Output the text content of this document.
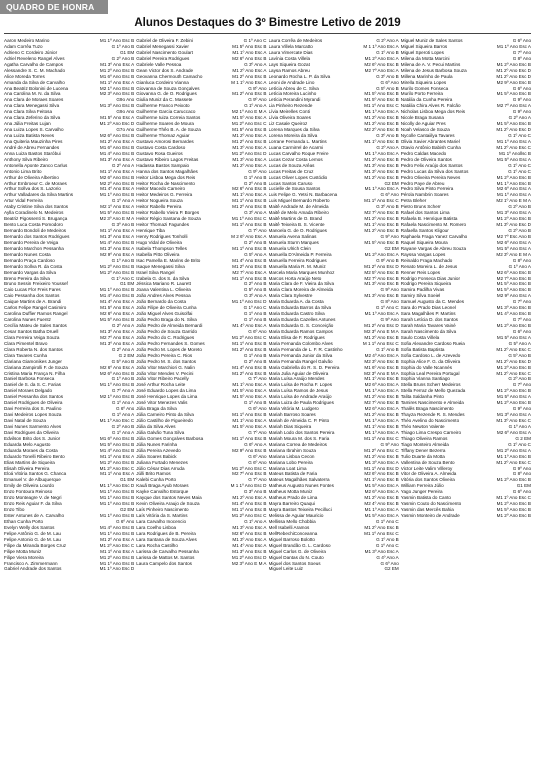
QUADRO DE HONRA
Alunos Destaques do 3º Bimestre Letivo de 2019
Aaron Medeiro Marino	M1 1º Ano Esc B
Adam Corrêa Tuzo	G 1º Ano B
Adrieno C Cordeiro Júnior	G1 EM
Adriel Reveleno Rangel Alves	G 2º Ano B
Agatha Carvalho de Campos	M1 3º Ano Esc A
Alessandre S. C. M. Machado	M1 2º Ano Esc B
Alice Moreda Torres	M1 6º Ano Esc B
Amanda da Silva de Carvalho	M1 1º Ano Esc A
Ana Beatriz Bolonini de Lucena	M2 1º Ano Esc B
Ana Carolina M. N. da Silva	M2 3º Ano Esc B
Ana Clara de Moraes Soares	G9o Ano
Ana Clara Menegassi Silva	M1 3º Ano Esc B
Ana Clara Silva Feitosa	G9o Ano
Ana Clara Zeferino da Silva	M1 5º Ano Esc A
Ana Júlia Freitas Lujan	M1 2º Ano Esc D
Ana Luiza Lopes S. Carvalho	G7o Ano
Ana Luiza Batista Neves	M2 6º Ano Esc B
Ana Quiteria Mauzinha Pires	M1 2º Ano Esc A
André de Abreu Fernandes	M1 6º Ano Esc B
Anna Luiza Bastos Staróbui	M1 4º Ano Esc B
Anthony Silva Ribeiro	M1 3º Ano Esc A
Antonella Aponte Zanco Carlus	G 2º Ano A
Antonio Lima Brito	M1 1º Ano Esc A
Arthur de Oliveira Albertino	M2 6º Ano Esc B
Arthur Embroeur C. de Moraes	M2 2º Ano Esc B
Arthur Sollva dos S. Lazorio	M1 4º Ano Esc A
Arthur Valladares da Silva Martins	M1 1º Ano Esc B
Artur Vidal Ferreira	G 1º Ano A
Ataby Cristine Silva dos Santos	M2 1º Ano Esc A
Aylla Coradinelo N. Medeiros	M1 5º Ano Esc B
Beatriz Pigossenti S. Brugança	M2 3º Ano E M A
Bento Luca Costa Pomodoro	G 3º Ano B
Bernardo Bondoli de Medeiros	M1 1º Ano Esc A
Bernardo dos Santos Rodrigues	M1 3º Ano Esc A
Bernardo Pereira de Veiga	M1 4º Ano Esc B
Bernardo Marchon Pessanha	M1 3º Ano Esc A
Bernardo Nunes Costa	M2 9º Ano Esc A
Bernardo Praça Cardoso	G 1º Ano B
Bernardo Sollva R. da Costa	M1 2º Ano Esc B
Bernardo Vargas da Silva	M1 2º Ano Esc B
Breno Pereira da Silva	G 1º Ano C
Bruno Sessin Freixeiro Youssef	G1 EM
Caio Lucas Flor Freis Fares	M1 1º Ano Esc B
Caio Pessanha dos Santos	M1 4º Ano Esc B
Caique Martins de A. Brandi	M1 4º Ano Esc A
Carlos Felipe Rangel Casimiro	M1 5º Ano Esc A
Carolina Duffier Ramos Rangel	M2 6º Ano Esc A
Carolina Nunes Fuentz	M1 5º Ano Esc B
Cecília Mateu de Sales Santos	G 2º Ano A
Cesar Santos Batha Druell	M1 3º Ano Esc A
Clara Ferreira Veiga Souza	M2 7º Ano Esc A
Clara Pimentel Bravo	M1 3º Ano Esc A
Clara Roberta N. dos Santos	G 2º Ano A
Clara Tavares Cunha	G 2 EM
Clariana Giamonikes Junger	G 5º Ano B
Clariana Zampirolli F. de Souza	M2 6º Ano Esc A
Cristina Maria França N. Filha	M2 6º Ano Esc B
Daniel Barbosa Fonseca	G 1º Ano B
Daniel de S. da S. C. Farias	M1 1º Ano Esc B
Daniel Moraes Delgado	G 7º Ano A
Daniel Pessanha dos Santos	M2 1º Ano Esc B
Daniel Rodrigues de Oliveira	G 1º Ano A
Davi Ferreira dos S. Paulino	G 6º Ano
Davi Medeiros Lopes Souza	G 1º Ano A
Davi Natal de Souza	M1 1º Ano Esc C
Davi Nunes Sarmento Alves	G 2º Ano B
Davi Rodrigues da Oliveira	G 1º Ano A
Edvilson Brito dos S. Junior	M1 6º Ano Esc B
Eduarda Melo Augusto	M1 5º Ano Esc B
Eduarda Moraes da Costa	M1 4º Ano Esc B
Eduardo Tonelli Ribeiro Bento	M1 1º Ano Esc A
Elias Martins de Siqueira	M1 2º Ano Esc B
Elisah Oliveira Pereira	M1 2º Ano Esc C
Eloá Vitória Santos G. Chanca	M1 1º Ano Esc A
Emanuel V. de Albuquerque	G1 EM
Emily de Oliveira Lourdo	M1 1º Ano Esc D
Enzo Fontoura Reinoso	M1 1º Ano Esc B
Enzo Monteagre V. de Negri	M1 1º Ano Esc B
Enzo Reis Aguiar F. da Silva	M1 1º Ano Esc B
Enzo Tibo	G2 EM
Ester Antunes de A. Carvalho	M1 1º Ano Esc B
Ethan Cunha Porto	G 6º Ano
Evelyn Welly dos Santos	M1 4º Ano Esc B
Felipe Antônio G. de M. Lau	M1 1º Ano Esc B
Felipe Antonio G. de M. Lau	M1 2º Ano Esc A
Filipe da Miranda Borges Cruz	M1 2º Ano Esc C
Filipe Motta Muniz	M1 1º Ano Esc A
Filipe Viera Moreira	M1 2º Ano Esc B
Francisco A. Zimmermann	M1 1º Ano Esc B
Gabriel Andrade dos Santos	M1 1º Ano Esc D
Gabriel de Oliveira F. Zebini	G 1º Ano C
Gabriel Menegassi Xavier	M1 5º Ano Esc B
Gabriel Nascimento Goulart	M1 1º Ano Esc A
Gabriel Pereira Rodrigues	M2 6º Ano Esc B
Gabriele Valle Pessoa	G 3º Ano A
Gean Victor dos S. Andrade	M1 2º Ano Esc A
Geovanna Chermouth Camacho	M1 2º Ano Esc B
Gianluca Cordeiro Vianna	M 1 1º Ano Esc A
Giovanna de Souza Gonçalves	G 8º Ano
Giovanna G. de O. Rodrigues	M1 2º Ano Esc B
Giulia Muniz da C. Massete	G 9º Ano
Guilherme Franco Peixoto	G 1º Ano A
Guilherme Garcia Caruccaco	M2 1º Ano E M A
Guilherme Iuiza Correia Santos	M1 5º Ano Esc A
Guilherme Soares de Moura	M1 2º Ano Esc C
Guilherme Thêo B. A. de Souza	M1 5º Ano Esc B
Guilherme Thomaz Aguiar	M1 2º Ano Esc A
Gustavo Amorosi Bernardes	M1 2º Ano Esc B
Gustavo Costa Cardoso	M1 3º Ano Esc A
Gustavo Rosa Gueiros	M1 2º Ano Esc D
Gustavo Ribeiro Lagos Freitas	M1 3º Ano Esc A
Hadassa Bastos Sampaio	M1 2º Ano Esc A
Hanna dos Santos Magalhães	G 9º Ano
Heitor Lisboa Mega dos Reis	G 1º Ano B
Heitor Rocha de Nascimento	G 2º Ano B
Heitor Macedo Carneiro	M2 6º Ano Esc B
Heitor Medeiros G. Ferreira	M1 1º Ano Esc A
Heitor Nogueira Souza	M1 1º Ano Esc B
Heitor Rabello Pereira	M1 2º Ano Esc B
Heitor Rabello Vieira P. Borges	G 3º Ano A
Heitor Régio Santana de Souza	M1 1º Ano Esc C
Heitor Thomazi Fagundes	M1 1º Ano Esc B
Henrique Tiba	G 7º Ano
Henry Rodrigues Tonholli	M 2 6º Ano Esc A
Hugo Vidal de Oliveira	G 2º Ano B
Isabela Thompson Telles	M1 1º Ano Esc B
Isabella Pitto Oliveira	G 5º Ano A
Isac Pamella E. Marins de Brito	M1 4º Ano Esc B
Isaque Menegassi Silva	M1 2º Ano Esc B
Israel Silva Rangel	M2 7º Ano Esc A
Izabela G. dos S. da Silva	M1 1º Ano Esc B
Jéssica Mariano R. Laurett	G 2º Ano B
Joana Valentina L. Oliveira	G 5º Ano B
João Andres Alves Pessoa	G 3º Ano A
João Bernardo da Costa	M1 1º Ano Esc D
João Filipe de Oliveira Cunha	G 1º Ano C
João Miguel Alves Guisolfai	G 1º Ano B
João Pedro Braga do N. Silva	G 1º Ano B
João Pedro de Almeida Bernardi	M1 4º Ano Esc A
João Pedro de Souza Garrido	G 6º Ano
João Pedro do C. Rodrigues	M1 2º Ano Esc C
João Pedro Fernandes S. Gomes	M1 1º Ano Esc B
João Pedro M. Lopes de Moreto	M1 2º Ano Esc B
João Pedro Pereira C. Rios	G 1º Ano B
João Pedro M. S. dos Santos	G 2º Ano B
João Vitor Marchiori G. Nalin	M1 4º Ano Esc B
João Vitor Mendes V. Pecini	M1 2º Ano Esc B
João Vitor Ribeiro Pacelly	G 7º Ano
José Arthur Rocha Leite	M1 1º Ano Esc A
José Eduardo Lopes da Lima	M1 5º Ano Esc A
José Henrique Lopes da Lima	M1 5º Ano Esc A
José Vitor Menezes Valis	G 1º Ano B
Júlia Braga da Silva	G 6º Ano
Júlia Carneiro Pinto da Silva	M1 1º Ano Esc B
Júlio Castilho de Figueiredo	M1 1º Ano Esc A
Júlia da Silva Alves	M1 5º Ano Esc A
Júlia Galvão Tuna Silva	G 7º Ano
Júlia Gomes Gonçalves Barbosa	M1 1º Ano Esc B
Júlia Nunes Farinha	G 6º Ano A
Júlia Pereira Azevedo	M2 9º Ano Esc B
Júlia Soares Babick	G 6º Ano
Juliana Furtado Menezes	G 6º Ano
Júlio César Dias Arruda	M1 2º Ano Esc C
Júlli Brito Ramos	M2 7º Ano Esc B
Kalebi Cunha Porto	G 7º Ano
Kauã Braga Ayub Moraes	M 1 1º Ano Esc D
Kayke Carvalho Estorque	G 3º Ano B
Kayque dos Santos Neves Maia	M1 2º Ano Esc A
Kevin Oliveira Araujo de Souza	M1 4º Ano Esc B
Laís Pinheiro Nascimento	M1 1º Ano Esc B
Laís Vitória da S. Martins	M1 2º Ano Esc C
Lara Carvalho Inocencio	G 1º Ano A
Lara Coelho Lisboa	M1 3º Ano Esc A
Lara Rodrigues de B. Pereira	M2 6º Ano Esc B
Lara Santana de Souza Alves	M1 3º Ano Esc A
Lara Rocha Castilho	M1 4º Ano Esc A
Larissa de Carvalho Pessanha	M1 3º Ano Esc B
Larissa de Mattos M. Santos	M1 2º Ano Esc D
Laura Campelo dos Santos	M2 3º Ano E M A
Laura Corrêa de Medeiros	G 2º Ano A
Laura Villela Marcatto	M 1 1º Ano Esc A
Laura Vimercate Dias	G 1º Ano B
Lavínia Costa Villela	M1 2º Ano Esc A
Lays Siqueira Gozat	M2 6º Ano Esc B
Laysa Ramos Abreu	M2 7º Ano Esc A
Leonardo Rocha L. P. da Silva	G 3º Ano B
Leoni de Andrade Lino	G 6º Ano
Letícia Abreu de C. Silva	G 5º Ano B
Letícia Moreira Lucinho	M1 5º Ano Esc B
Letícia Perandini Myrandi	M1 5º Ano Esc B
Lia Pinheiro Rezende	M1 1º Ano Esc C
Lívia Meirelles Conti	M1 1º Ano Esc A
Lívia Oliveira Soares	M1 2º Ano Esc B
Liz Casale Queiroz	M1 2º Ano Esc B
Lorena Marques da Silva	M2 2º Ano Esc B
Lorena Moreira da Silva	G 3º Ano B
Lorrane Fernanda L. Martins	M1 1º Ano Esc B
Luana Carmirrel de Acarmi	G 2º Ano A
Lucas Carvalho Roque Freire	M1 1º Ano Esc A
Lucas Cezar Costa Lemos	M1 2º Ano Esc B
Lucas de Souza Arêas	M1 3º Ano Esc B
Lucas Freitas de Cruz	M1 3º Ano Esc B
Lucas Oliver Lopes Custódio	M1 2º Ano Esc B
Lucas Santos Caruso	G2 EM
Lucielle de Sousa Santos	M1 1º Ano Esc A
Luis Felipe G. Yetsi N. Barbacena	G 6º Ano
Luis Miguel Bernardo Roberto	M1 1º Ano Esc C
Maitê Andrade M. de Almeida	G 3º Ano B
Maitê de Melo Amada Ribeiro	M2 7º Ano Esc B
Maitê Martins de O. Brand	M1 2º Ano Esc B
Maitê Teixeira B. S. Vicente	M1 1º Ano Esc B
Manoela G. de O. Rodrigues	M1 2º Ano Esc B
Manuela Avena Salinas	G 9º Ano
Manuela Sturm Marques	M1 5º Ano Esc B
Manuela Ulrich Clein	G2 EM
Manuella D'Almeida P. Ferreira	M1 2º Ano Esc A
Manuella Ferreira Rodrigues	G 9º Ano B
Manuella Maria R. M. Muniz	M1 2º Ano Esc D
Marcela Maria Marques Munhoz	M2 5º Ano Esc B
Marcos Horta Araújo Neto	M2 7º Ano Esc B
Maria Clara de F. Vieira da Silva	M1 3º Ano Esc B
Maria Clara Moreira de Almeida	G 9º Ano
Maria Clara Sylvestre	M1 3º Ano Esc B
Maria Eduarda A. da Costa	G 8º Ano
Maria Eduarda Barros da Silva	G 1º Ano C
Maria Eduarda Castro Silva	M1 1º Ano Esc A
Maria Eduarda Cazelles Antunes	G 9º Ano
Maria Eduarda G. S. Conceição	M1 2º Ano Esc D
Maria Eduarda Ramos Campos	M2 3º Ano E M A
Maria Elisa de F. Rodrigues	M1 2º Ano Esc B
Maria Fernanda Colombo Alves	M 1 1º Ano Esc C
Maria Fernanda de L. F. R. Castinho	G 1º Ano B
Maria Fernanda Junior da Silva	M2 4º Ano Esc A
Maria Fernanda Rangel Galvão	M2 3º Ano Esc B
Maria Gabriella do R. S. D. Pereira	M1 6º Ano Esc B
Maria Julia Aguiar de Oliveira	M2 3º Ano E M A
Maria Luísa Araújo Mendes	M1 1º Ano Esc B
Maria Luísa de Rocha F. Lopes	M2 6º Ano Esc A
Maria Luísa Ramos de Jesus	M1 1º Ano Esc A
Maria Luísa de Andrade Araújo	M1 2º Ano Esc B
Maria Luiza de Paula Rodrigues	M2 7º Ano Esc B
Maria Vitória M. Ludgero	M2 6º Ano Esc A
Mariah Barroso Soares	M1 2º Ano Esc B
Mariah de Almeida C. P. Pinto	M1 1º Ano Esc A
Mariah Dias Siqueira	M1 1º Ano Esc B
Mariah Lodo dos Santos Pereira	M1 1º Ano Esc A
Mariah Moura M. dos S. Faria	M1 1º Ano Esc C
Mariana Correa de Medeiros	G 9º Ano
Mariana Ibrahim Souza	M1 2º Ano Esc C
Mariana Lisboa Cecon	M1 2º Ano Esc B
Mariana Lobo Pereira	M1 3º Ano Esc A
Mariana Loat Lima	M1 1º Ano Esc D
Mateus Batista de Faria	M2 6º Ano Esc B
Mateus Magalhães Salvaterra	M1 1º Ano Esc B
Matheus Augusto Nunes Fontes	M1 5º Ano Esc A
Matheus Motta Muniz	M2 6º Ano Esc A
Matheus Prado de Lima	M1 2º Ano Esc B
Mayra Barreiro Quaqui	M2 4º Ano Esc B
Mayra Bastos Teixeira Pecilluci	M1 1º Ano Esc A
Melissa de Aguiar Mauricio	M1 5º Ano Esc A
Mellissa Mello Chobbia	G 1º Ano C
Mell Isabelli Aramos	M1 2º Ano Esc B
MellRebechiConceanna	M1 1º Ano Esc C
Miguel Barroso Bolotto	G 1º Ano B
Miguel Brandão G. L. Cardoso	G 1º Ano C
Miguel Carlos G. de Oliveira	M1 3º Ano Esc A
Miguel Dantas do N. Couto	G 4º Ano A
Miguel dos Santos Soeus	G 6º Ano
Miguel Leite Luiz	G2 EM
Miguel Muniz de Sales Santos	G 6º Ano
Miguel Siqueira Barros	M1 1º Ano Esc A
Miguel Speroti Lopes	G 7º Ano
Milena da Motta Marcini	G 8º Ano
Milena de A. V. Pecui Martins	M1 2º Ano Esc B
Milena de Jesus Barbosa Souza	M1 2º Ano Esc D
Millena Marinho de Paula	M1 2º Ano Esc D
Mirella Siqueira Lopes	M2 9º Ano Esc B
Murilo Gomes Fonseca	G 6º Ano
Murilo Porto Ferreira	M1 5º Ano Esc B
Natália da Cunha Pereira	G 9º Ano
Natália Chira Alves R. Falcão	M2 7º Ano Esc A
Nicholas Lisboa Mega dos Reis	G 9º Ano
Nicole Braga Susana	G 2º Ano A
Nicolly de Aguiar Pres	M1 5º Ano Esc B
Noah Velasco de Souza	M1 2º Ano Esc D
Nycolle Cantaiilya Tavares	G 1º Ano C
Olivia Xavier Abrantes Mariel	M1 1º Ano Esc A
Otavio Antônio Babish Cunha	M1 2º Ano Esc C
Pedro Caldas Macedo	M1 1º Anollsc B
Pedro de Oliveira Santos	M1 5º Ano Esc A
Pedro Felix Araújo dos Santos	G 1º Ano C
Pedro Lucas da Silva dos Santos	G 1º Ano C
Pedro Oliveira Pereira Neves	M1 2º Ano Esc B
Pedro Paye de Abreu	M1 1º Ano Esc B
Pedro Silva Pinto Ferreira	M2 6º Ano Esc A
Pérola Nambrin Soares	M1 1º Ano Esc A
Petra Bleher	M2 1º Ano E M A
Pietro Bruns Scherr	G 2º Ano B
Rafael dos Santos Lima	M1 3º Ano Esc A
Rafaela B. Henrique Batista	M1 2º Ano Esc B
Rafaela Nascimento M. Romero	M1 3º Ano Esc D
Rafaella Santos Kligour	G 2º Ano B
Raphaela Fraga Yanez Carvalho	M2 7º Esc Ano B
Raquel Siqueira Moura	M2 6º Ano Esc A
Rayane Vargas de Abreu Souza	M1 5º Ano Esc A
Rayssa Vargas Lopes	M2 3º Ano E M A
Reinaldo Fraga Machado	G 8º Ano
Renato Moreira L. de Jesus	G 1º Ano A
Renner Reis Lopes	M2 6º Ano Esc B
Rodrigo Fonseca Dias Junior	M2 7º Ano Esc B
Rodrigo Pereira Siqueira	M1 5º Ano Esc B
Samira Padilha Vivas	M1 5º Ano Esc B
Samiry Silva Soeiel	M2 9º Ano Esc A
Samuel Augusto da C. Mendes	G 7º Ano
Sara do Prado Dias Leonel	M1 3º Ano Esc B
Sara Magalhães P. Martins	M1 4º Ano Esc B
Sarah Letícia D. dos Santos	G 7º Ano
Sarah Maria Tavares Vainé	M1 2º Ano Esc B
Sarah Nascimento da Silva	G 6º Ano
Saulo Costa Villela	M1 5º Ano Esc A
Sofia Alexandre Cardoso Rueia	G 5º Ano A
Sofia Batista Baptista	M1 2º Ano Esc C
Sofia Cardoso L. de Azevedo	G 5º Ano B
Sophia Alice F. G. da Oliveira	M1 2º Ano Esc D
Sophia do Valle Ncannés	M1 2º Ano Esc B
Sophia Leal Pereira Portugal	M1 2º Ano Esc C
Sophia Vianna Santiago	G 2º Ano B
Stella Bruns Scherr Medeiros	G 7º Ano
Stella Ferraz de Mello Quezada	M1 2º Ano Esc B
Talita Saldanha Pinto	M1 5º Ano Esc A
Tamires Nascimento e Almeida	M1 2º Ano Esc B
Thalês Braga Nascimento	G 9º Ano
Thayza Rezende R. S. Mendes	M1 3º Ano Esc A
Théo Avelino do Nascimento	M1 3º Ano Esc C
Théo Newton Valente	G 1º Ano A
Thiago Lima Crespo Carneiro	M2 6º Ano Esc A
Thiago Oliveira Ramos	G 2 EM
Tiago Monteiro Almeida	G 1º Ano C
Tiffany Dener Bezerra	M1 2º Ano Esc A
Tulio Duarte da Motta	M1 1º Ano Esc B
Vallentina de Souza Bento	M1 2º Ano Esc C
Victor Leite Valim Villeroy	G 9º Ano
Vitor de Oliveira A. Almeida	G 8º Ano
Vitória dos Santos Oliveira	M1 2º Ano Esc B
William Ferreira Júlio	G1 EM
Yago Junger Pereira	G 6º Ano
Yasmin Batista do Canto	M1 1º Ano Esc C
Yasmin Couto do Nascimento	M1 2º Ano Esc B
Yasmin das Mercês Bahia	M1 5º Ano Esc B
Yasmin Monteiro de Andrade	M1 2º Ano Esc B
